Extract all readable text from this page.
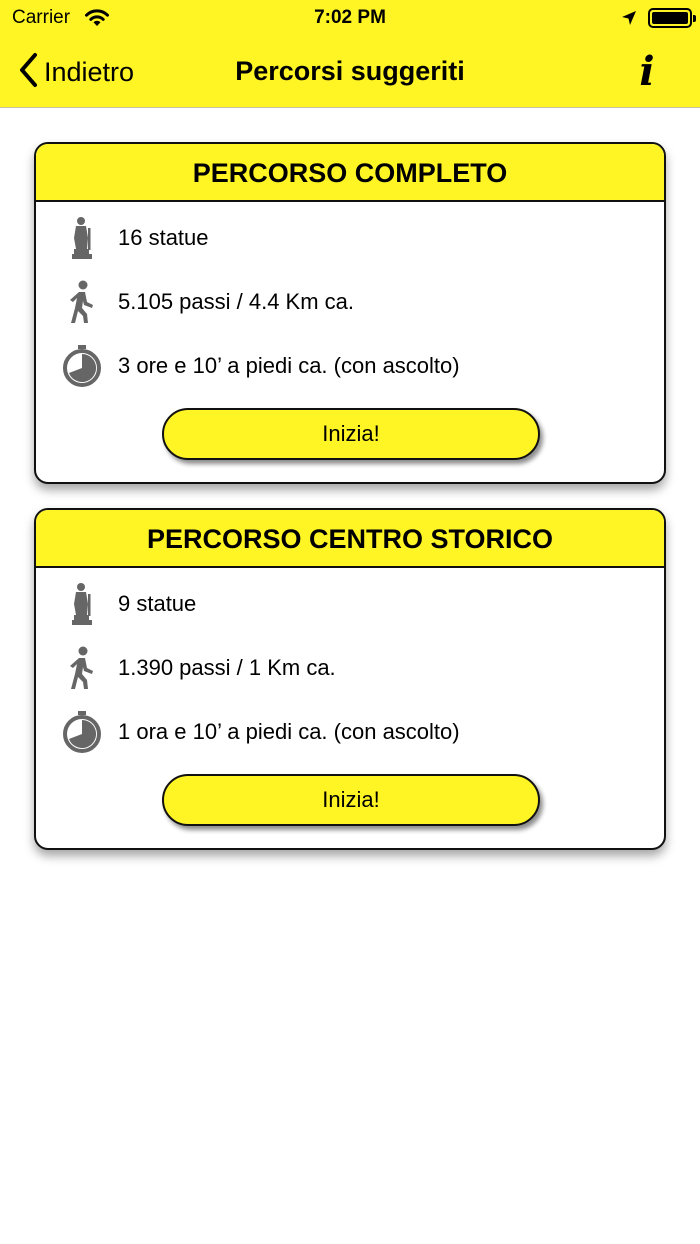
Carrier	7:02 PM
Indietro	Percorsi suggeriti	i
PERCORSO COMPLETO
16 statue
5.105 passi / 4.4 Km ca.
3 ore e 10’ a piedi ca. (con ascolto)
Inizia!
PERCORSO CENTRO STORICO
9 statue
1.390 passi / 1 Km ca.
1 ora e 10’ a piedi ca. (con ascolto)
Inizia!
